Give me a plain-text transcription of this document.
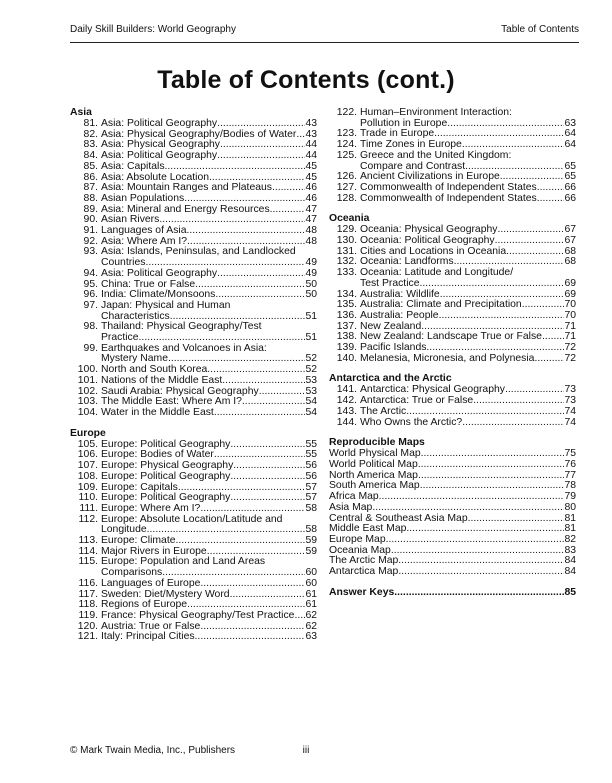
Daily Skill Builders: World Geography	Table of Contents
Table of Contents (cont.)
Asia
81. Asia: Political Geography .....	43
82. Asia: Physical Geography/Bodies of Water ..... 43
83. Asia: Physical Geography .....	44
84. Asia: Political Geography .....	44
85. Asia: Capitals .....	45
86. Asia: Absolute Location .....	45
87. Asia: Mountain Ranges and Plateaus .....	46
88. Asian Populations .....	46
89. Asia: Mineral and Energy Resources .....	47
90. Asian Rivers .....	47
91. Languages of Asia .....	48
92. Asia: Where Am I? .....	48
93. Asia: Islands, Peninsulas, and Landlocked
Countries .....	49
94. Asia: Political Geography .....	49
95. China: True or False .....	50
96. India: Climate/Monsoons .....	50
97. Japan: Physical and Human
Characteristics .....	51
98. Thailand: Physical Geography/Test
Practice .....	51
99. Earthquakes and Volcanoes in Asia:
Mystery Name .....	52
100. North and South Korea .....	52
101. Nations of the Middle East .....	53
102. Saudi Arabia: Physical Geography .....	53
103. The Middle East: Where Am I? .....	54
104. Water in the Middle East .....	54
Europe
105. Europe: Political Geography .....	55
106. Europe: Bodies of Water .....	55
107. Europe: Physical Geography .....	56
108. Europe: Political Geography .....	56
109. Europe: Capitals .....	57
110. Europe: Political Geography .....	57
111. Europe: Where Am I? .....	58
112. Europe: Absolute Location/Latitude and
Longitude .....	58
113. Europe: Climate .....	59
114. Major Rivers in Europe .....	59
115. Europe: Population and Land Areas
Comparisons .....	60
116. Languages of Europe .....	60
117. Sweden: Diet/Mystery Word .....	61
118. Regions of Europe .....	61
119. France: Physical Geography/Test Practice ..... 62
120. Austria: True or False .....	62
121. Italy: Principal Cities .....	63
122. Human–Environment Interaction:
Pollution in Europe .....	63
123. Trade in Europe .....	64
124. Time Zones in Europe .....	64
125. Greece and the United Kingdom:
Compare and Contrast .....	65
126. Ancient Civilizations in Europe .....	65
127. Commonwealth of Independent States .....	66
128. Commonwealth of Independent States .....	66
Oceania
129. Oceania: Physical Geography .....	67
130. Oceania: Political Geography .....	67
131. Cities and Locations in Oceania .....	68
132. Oceania: Landforms .....	68
133. Oceania: Latitude and Longitude/
Test Practice .....	69
134. Australia: Wildlife .....	69
135. Australia: Climate and Precipitation .....	70
136. Australia: People .....	70
137. New Zealand .....	71
138. New Zealand: Landscape True or False ..... 71
139. Pacific Islands .....	72
140. Melanesia, Micronesia, and Polynesia .....	72
Antarctica and the Arctic
141. Antarctica: Physical Geography .....	73
142. Antarctica: True or False .....	73
143. The Arctic .....	74
144. Who Owns the Arctic? .....	74
Reproducible Maps
World Physical Map .....	75
World Political Map .....	76
North America Map .....	77
South America Map .....	78
Africa Map .....	79
Asia Map .....	80
Central & Southeast Asia Map .....	81
Middle East Map .....	81
Europe Map .....	82
Oceania Map .....	83
The Arctic Map .....	84
Antarctica Map .....	84
Answer Keys .....	85
© Mark Twain Media, Inc., Publishers	iii
